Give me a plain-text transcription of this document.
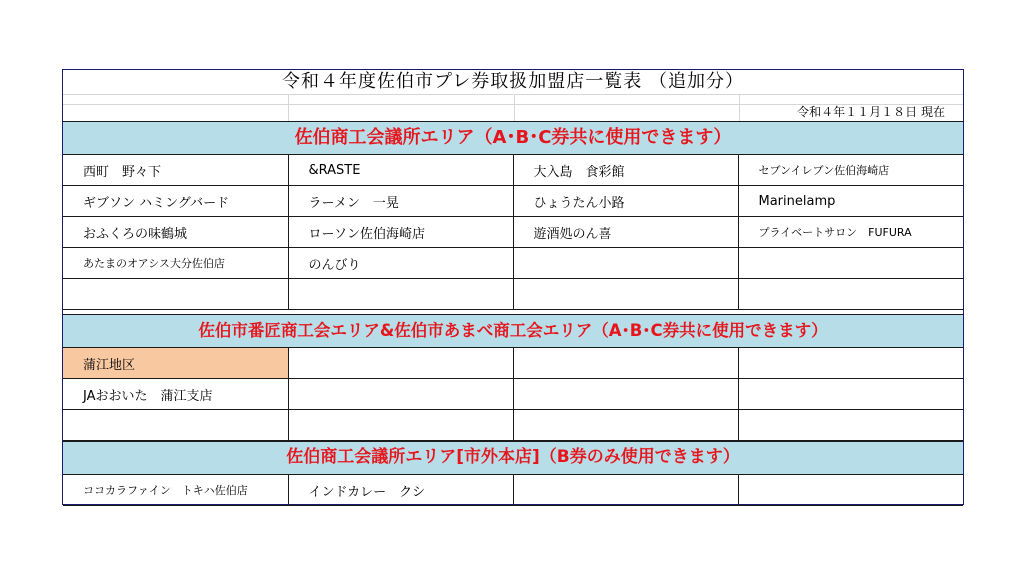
令和４年度佐伯市プレ券取扱加盟店一覧表 （追加分）
令和４年１１月１８日 現在
佐伯商工会議所エリア（A･B･C券共に使用できます）
西町　野々下	&RASTE	大入島　食彩館	セブンイレブン佐伯海崎店
ギブソン ハミングバード	ラーメン　一晃	ひょうたん小路	Marinelamp
おふくろの味鶴城	ローソン佐伯海崎店	遊酒処のん喜	プライベートサロン　FUFURA
あたまのオアシス大分佐伯店	のんびり		

佐伯市番匠商工会エリア&佐伯市あまべ商工会エリア（A･B･C券共に使用できます）
蒲江地区			
JAおおいた　蒲江支店			

佐伯商工会議所エリア[市外本店]（B券のみ使用できます）
ココカラファイン　トキハ佐伯店	インドカレー　クシ		
